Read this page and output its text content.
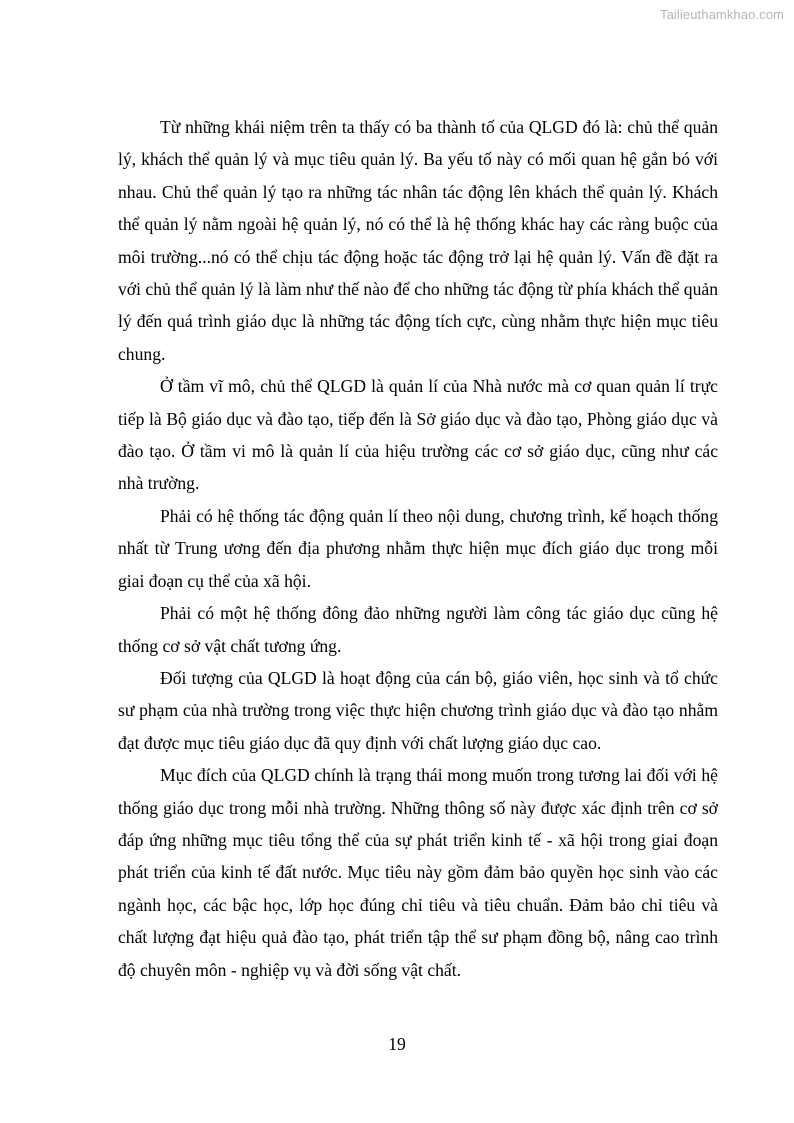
Tailieuthamkhao.com

Từ những khái niệm trên ta thấy có ba thành tố của QLGD đó là: chủ thể quản lý, khách thể quản lý và mục tiêu quản lý. Ba yếu tố này có mối quan hệ gắn bó với nhau. Chủ thể quản lý tạo ra những tác nhân tác động lên khách thể quản lý. Khách thể quản lý nằm ngoài hệ quản lý, nó có thể là hệ thống khác hay các ràng buộc của môi trường...nó có thể chịu tác động hoặc tác động trở lại hệ quản lý. Vấn đề đặt ra với chủ thể quản lý là làm như thế nào để cho những tác động từ phía khách thể quản lý đến quá trình giáo dục là những tác động tích cực, cùng nhằm thực hiện mục tiêu chung.

Ở tầm vĩ mô, chủ thể QLGD là quản lí của Nhà nước mà cơ quan quản lí trực tiếp là Bộ giáo dục và đào tạo, tiếp đến là Sở giáo dục và đào tạo, Phòng giáo dục và đào tạo. Ở tầm vi mô là quản lí của hiệu trường các cơ sở giáo dục, cũng như các nhà trường.

Phải có hệ thống tác động quản lí theo nội dung, chương trình, kế hoạch thống nhất từ Trung ương đến địa phương nhằm thực hiện mục đích giáo dục trong mỗi giai đoạn cụ thể của xã hội.

Phải có một hệ thống đông đảo những người làm công tác giáo dục cũng hệ thống cơ sở vật chất tương ứng.

Đối tượng của QLGD là hoạt động của cán bộ, giáo viên, học sinh và tổ chức sư phạm của nhà trường trong việc thực hiện chương trình giáo dục và đào tạo nhằm đạt được mục tiêu giáo dục đã quy định với chất lượng giáo dục cao.

Mục đích của QLGD chính là trạng thái mong muốn trong tương lai đối với hệ thống giáo dục trong mỗi nhà trường. Những thông số này được xác định trên cơ sở đáp ứng những mục tiêu tổng thể của sự phát triển kinh tế - xã hội trong giai đoạn phát triển của kinh tế đất nước. Mục tiêu này gồm đảm bảo quyền học sinh vào các ngành học, các bậc học, lớp học đúng chỉ tiêu và tiêu chuẩn. Đảm bảo chỉ tiêu và chất lượng đạt hiệu quả đào tạo, phát triển tập thể sư phạm đồng bộ, nâng cao trình độ chuyên môn - nghiệp vụ và đời sống vật chất.

19
